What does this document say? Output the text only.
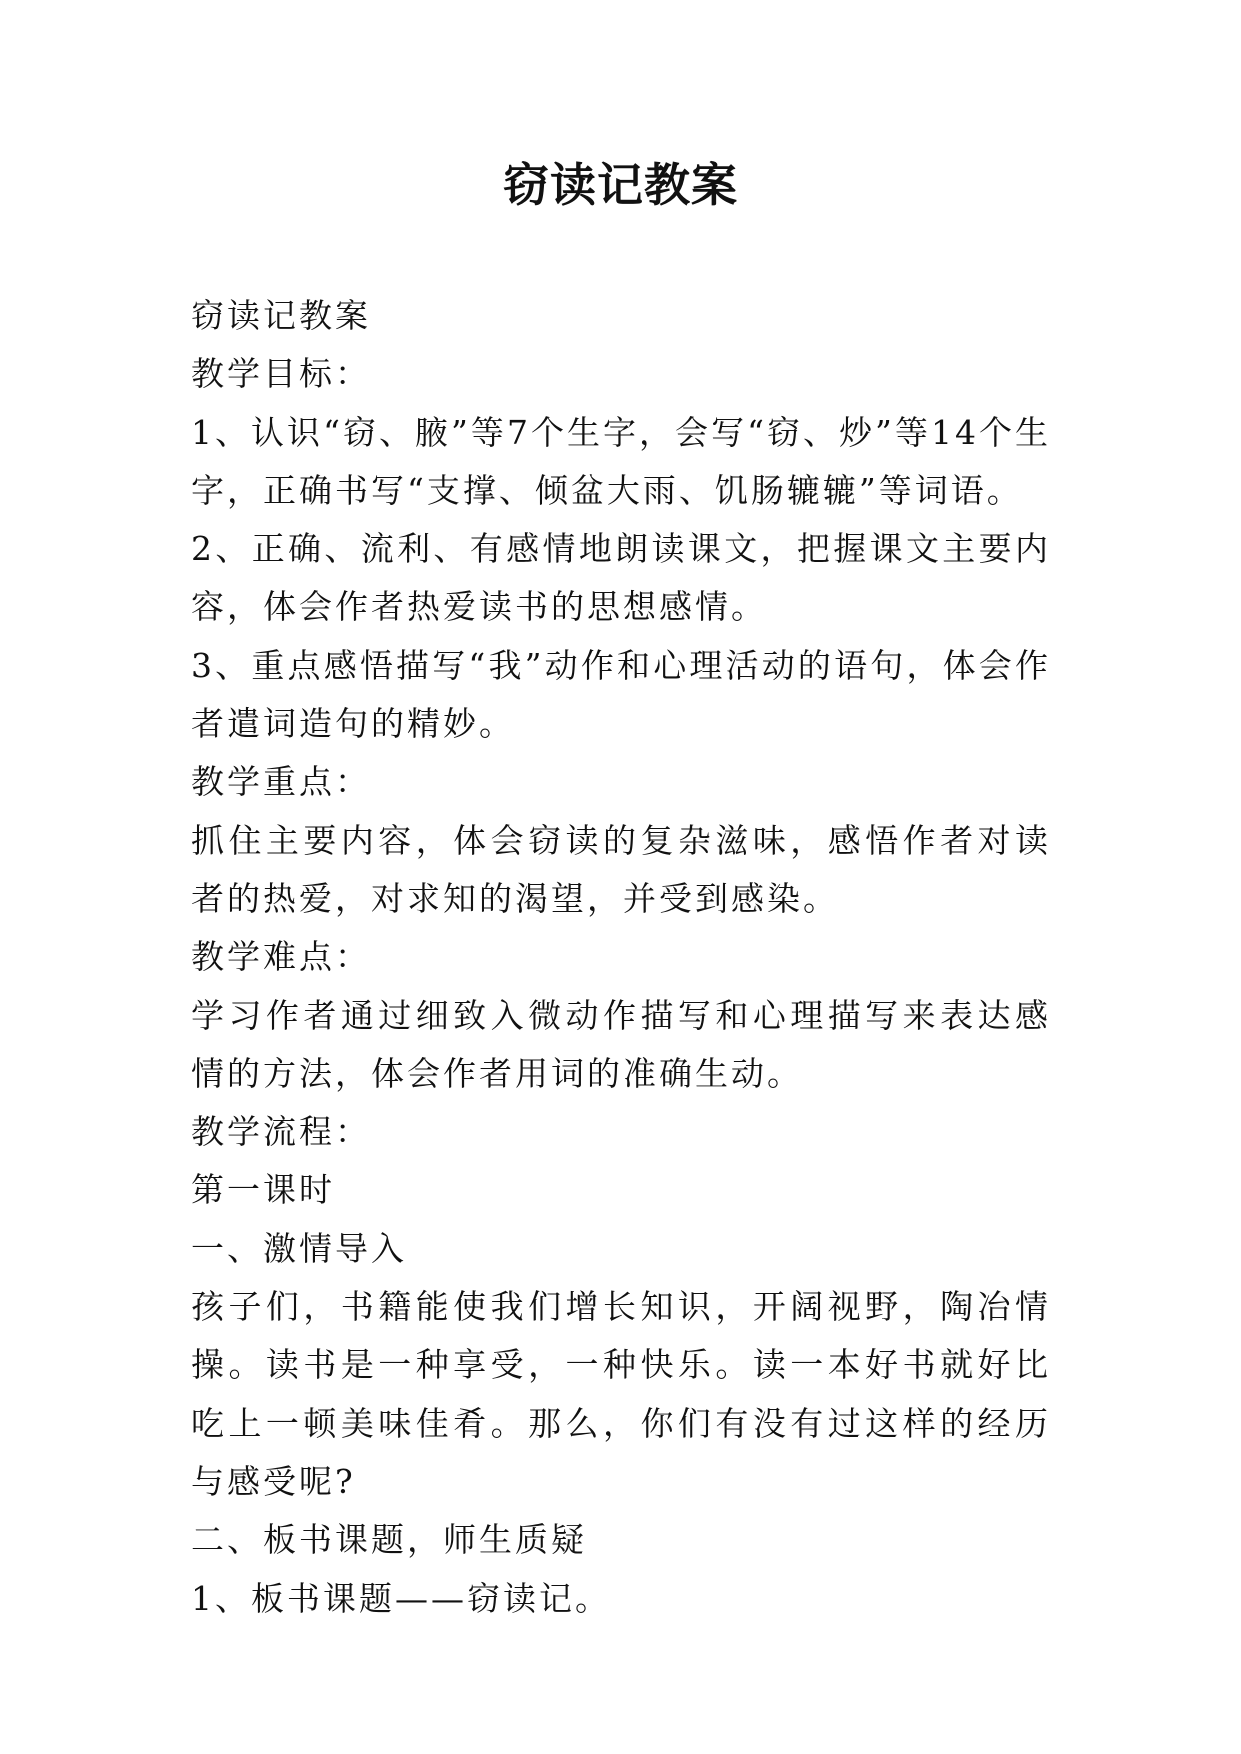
窃读记教案

窃读记教案

教学目标：

1、认识“窃、腋”等7个生字，会写“窃、炒”等14个生字，正确书写“支撑、倾盆大雨、饥肠辘辘”等词语。

2、正确、流利、有感情地朗读课文，把握课文主要内容，体会作者热爱读书的思想感情。

3、重点感悟描写“我”动作和心理活动的语句，体会作者遣词造句的精妙。

教学重点：

抓住主要内容，体会窃读的复杂滋味，感悟作者对读者的热爱，对求知的渴望，并受到感染。

教学难点：

学习作者通过细致入微动作描写和心理描写来表达感情的方法，体会作者用词的准确生动。

教学流程：

第一课时

一、激情导入

孩子们，书籍能使我们增长知识，开阔视野，陶冶情操。读书是一种享受，一种快乐。读一本好书就好比吃上一顿美味佳肴。那么，你们有没有过这样的经历与感受呢?

二、板书课题，师生质疑

1、板书课题——窃读记。
